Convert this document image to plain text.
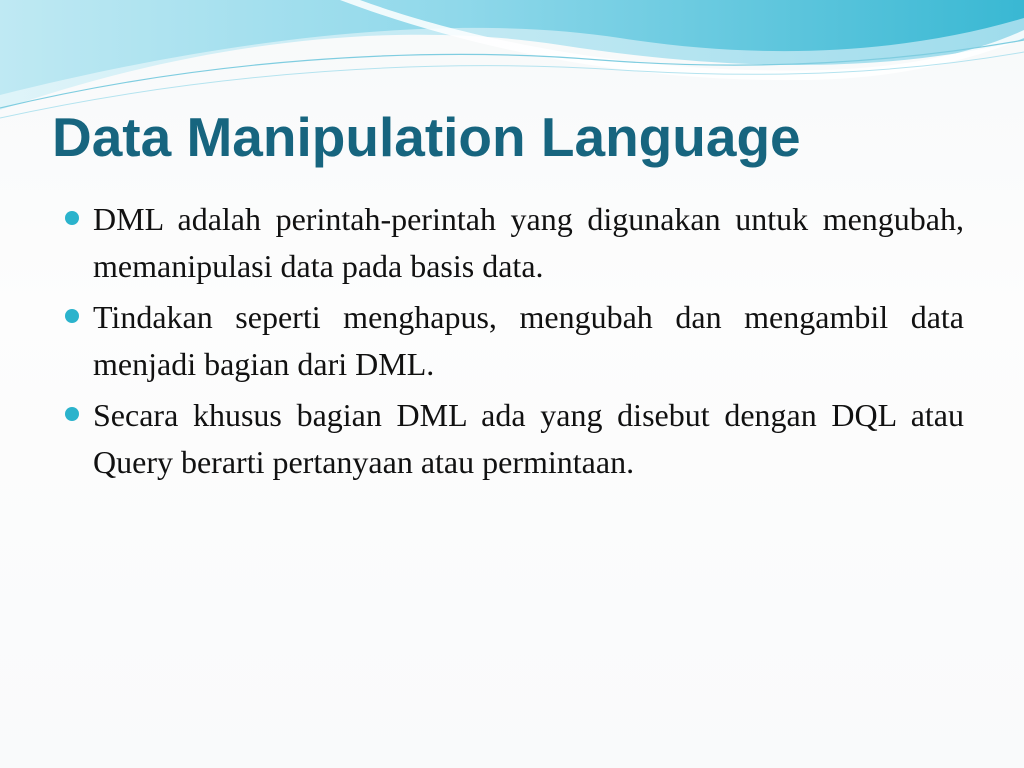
Data Manipulation Language
DML adalah perintah-perintah yang digunakan untuk mengubah, memanipulasi data pada basis data.
Tindakan seperti menghapus, mengubah dan mengambil data menjadi bagian dari DML.
Secara khusus bagian DML ada yang disebut dengan DQL atau Query berarti pertanyaan atau permintaan.
